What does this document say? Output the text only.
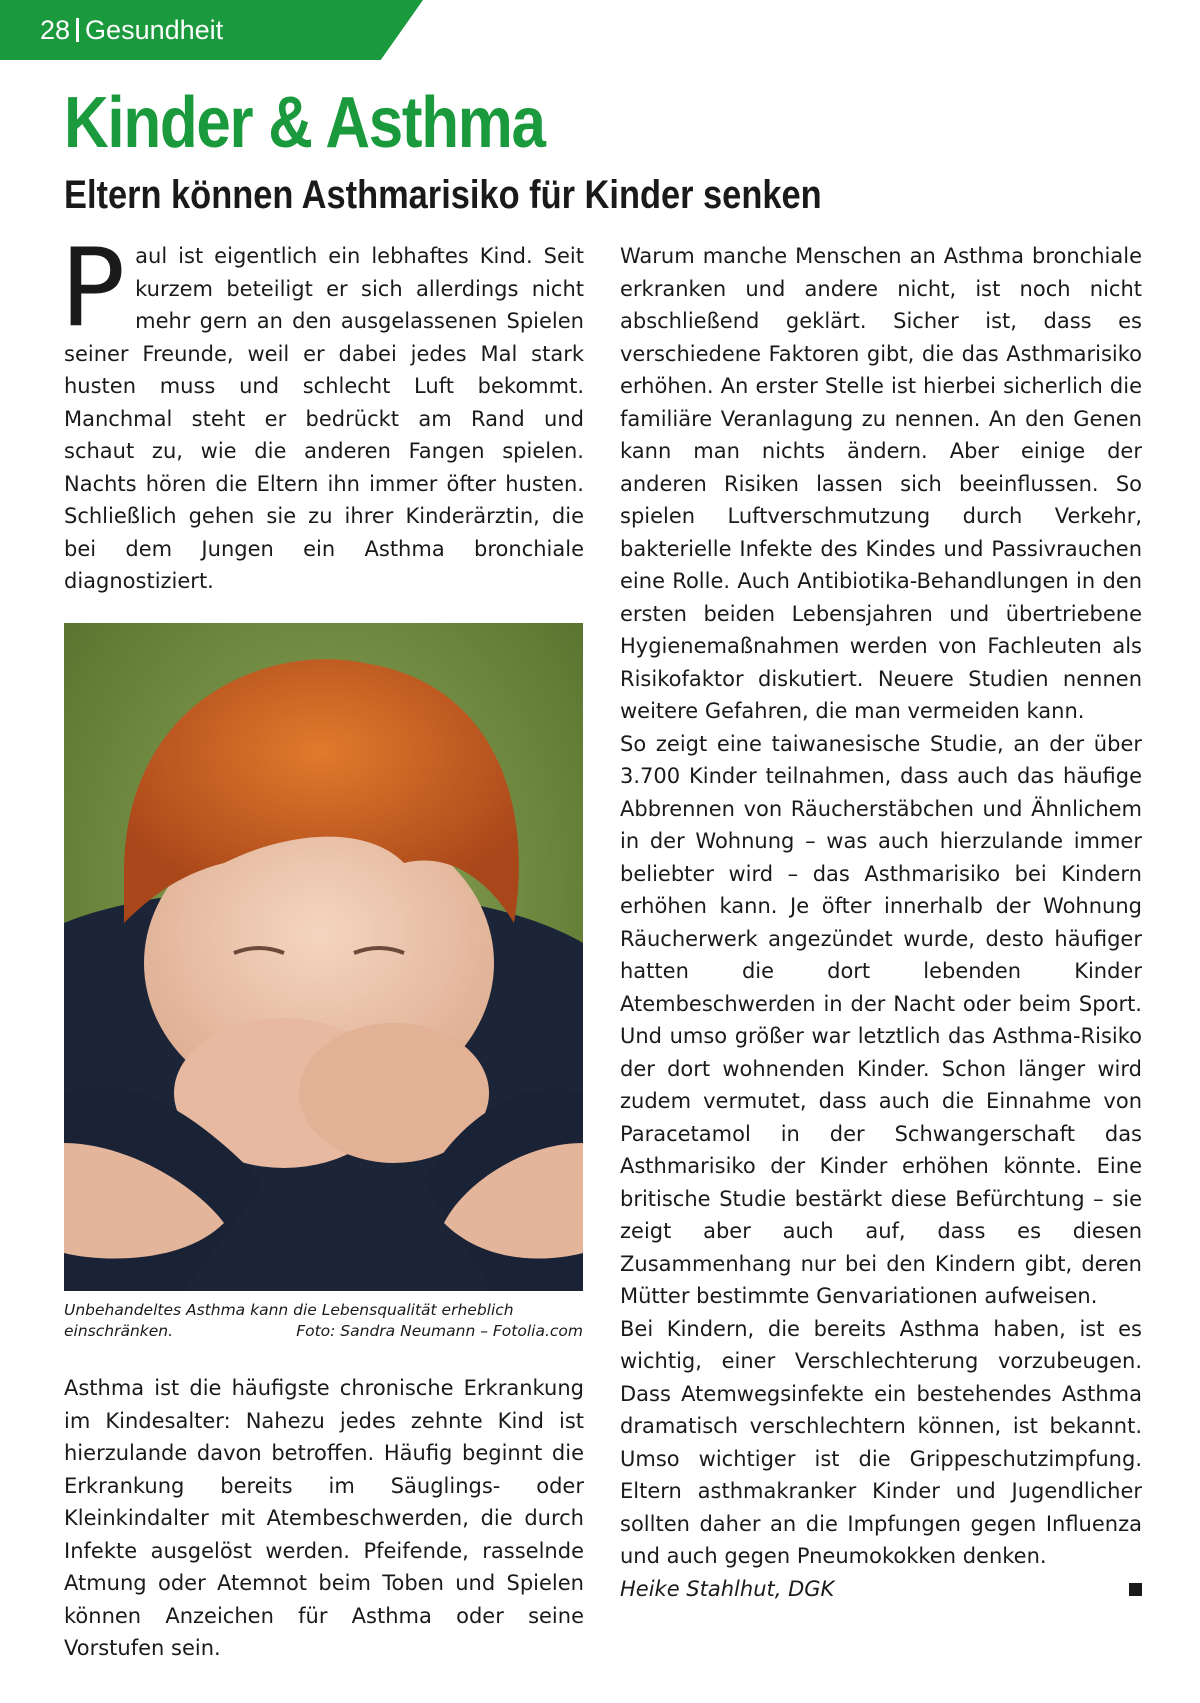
28 Gesundheit
Kinder & Asthma
Eltern können Asthmarisiko für Kinder senken
P aul ist eigentlich ein lebhaftes Kind. Seit kurzem beteiligt er sich allerdings nicht mehr gern an den ausgelassenen Spielen seiner Freunde, weil er dabei jedes Mal stark husten muss und schlecht Luft bekommt. Manchmal steht er bedrückt am Rand und schaut zu, wie die anderen Fangen spielen. Nachts hören die Eltern ihn immer öfter husten. Schließlich gehen sie zu ihrer Kinderärztin, die bei dem Jungen ein Asthma bronchiale diagnostiziert.

Unbehandeltes Asthma kann die Lebensqualität erheblich einschränken.	Foto: Sandra Neumann – Fotolia.com

Asthma ist die häufigste chronische Erkrankung im Kindesalter: Nahezu jedes zehnte Kind ist hierzulande davon betroffen. Häufig beginnt die Erkrankung bereits im Säuglings- oder Kleinkindalter mit Atembeschwerden, die durch Infekte ausgelöst werden. Pfeifende, rasselnde Atmung oder Atemnot beim Toben und Spielen können Anzeichen für Asthma oder seine Vorstufen sein.

Warum manche Menschen an Asthma bronchiale erkranken und andere nicht, ist noch nicht abschließend geklärt. Sicher ist, dass es verschiedene Faktoren gibt, die das Asthmarisiko erhöhen. An erster Stelle ist hierbei sicherlich die familiäre Veranlagung zu nennen. An den Genen kann man nichts ändern. Aber einige der anderen Risiken lassen sich beeinflussen. So spielen Luftverschmutzung durch Verkehr, bakterielle Infekte des Kindes und Passivrauchen eine Rolle. Auch Antibiotika-Behandlungen in den ersten beiden Lebensjahren und übertriebene Hygienemaßnahmen werden von Fachleuten als Risikofaktor diskutiert. Neuere Studien nennen weitere Gefahren, die man vermeiden kann.

So zeigt eine taiwanesische Studie, an der über 3.700 Kinder teilnahmen, dass auch das häufige Abbrennen von Räucherstäbchen und Ähnlichem in der Wohnung – was auch hierzulande immer beliebter wird – das Asthmarisiko bei Kindern erhöhen kann. Je öfter innerhalb der Wohnung Räucherwerk angezündet wurde, desto häufiger hatten die dort lebenden Kinder Atembeschwerden in der Nacht oder beim Sport. Und umso größer war letztlich das Asthma-Risiko der dort wohnenden Kinder. Schon länger wird zudem vermutet, dass auch die Einnahme von Paracetamol in der Schwangerschaft das Asthmarisiko der Kinder erhöhen könnte. Eine britische Studie bestärkt diese Befürchtung – sie zeigt aber auch auf, dass es diesen Zusammenhang nur bei den Kindern gibt, deren Mütter bestimmte Genvariationen aufweisen.

Bei Kindern, die bereits Asthma haben, ist es wichtig, einer Verschlechterung vorzubeugen. Dass Atemwegsinfekte ein bestehendes Asthma dramatisch verschlechtern können, ist bekannt. Umso wichtiger ist die Grippeschutzimpfung. Eltern asthmakranker Kinder und Jugendlicher sollten daher an die Impfungen gegen Influenza und auch gegen Pneumokokken denken.

Heike Stahlhut, DGK
